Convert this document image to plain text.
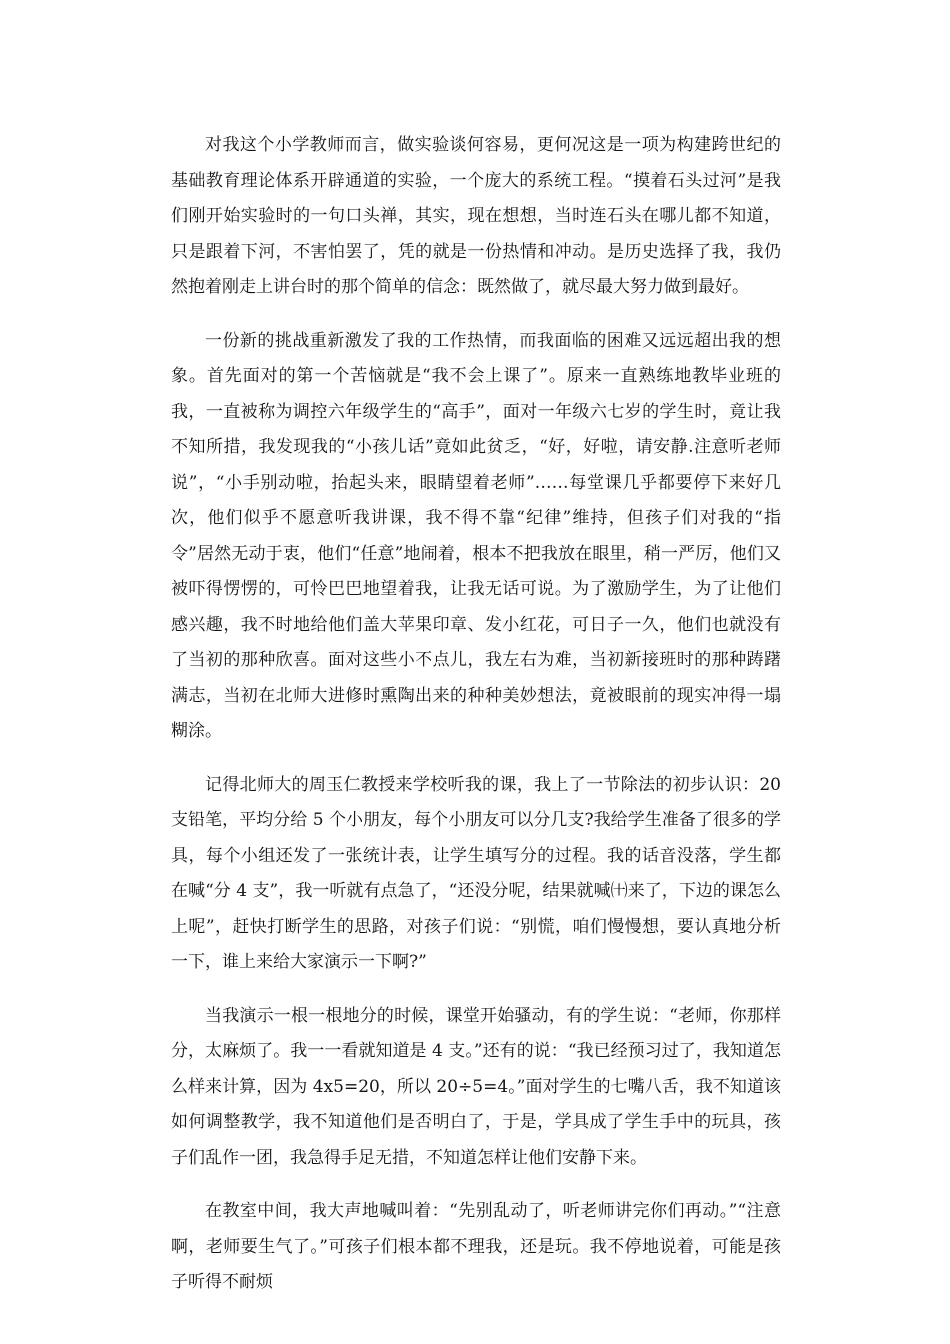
对我这个小学教师而言，做实验谈何容易，更何况这是一项为构建跨世纪的基础教育理论体系开辟通道的实验，一个庞大的系统工程。“摸着石头过河”是我们刚开始实验时的一句口头禅，其实，现在想想，当时连石头在哪儿都不知道，只是跟着下河，不害怕罢了，凭的就是一份热情和冲动。是历史选择了我，我仍然抱着刚走上讲台时的那个简单的信念：既然做了，就尽最大努力做到最好。

一份新的挑战重新激发了我的工作热情，而我面临的困难又远远超出我的想象。首先面对的第一个苦恼就是“我不会上课了”。原来一直熟练地教毕业班的我，一直被称为调控六年级学生的“高手”，面对一年级六七岁的学生时，竟让我不知所措，我发现我的“小孩儿话”竟如此贫乏，“好，好啦，请安静.注意听老师说”，“小手别动啦，抬起头来，眼睛望着老师”……每堂课几乎都要停下来好几次，他们似乎不愿意听我讲课，我不得不靠“纪律”维持，但孩子们对我的“指令”居然无动于衷，他们“任意”地闹着，根本不把我放在眼里，稍一严厉，他们又被吓得愣愣的，可怜巴巴地望着我，让我无话可说。为了激励学生，为了让他们感兴趣，我不时地给他们盖大苹果印章、发小红花，可日子一久，他们也就没有了当初的那种欣喜。面对这些小不点儿，我左右为难，当初新接班时的那种踌躇满志，当初在北师大进修时熏陶出来的种种美妙想法，竟被眼前的现实冲得一塌糊涂。

记得北师大的周玉仁教授来学校听我的课，我上了一节除法的初步认识：20 支铅笔，平均分给 5 个小朋友，每个小朋友可以分几支?我给学生准备了很多的学具，每个小组还发了一张统计表，让学生填写分的过程。我的话音没落，学生都在喊“分 4 支”，我一听就有点急了，“还没分呢，结果就喊㈩来了，下边的课怎么上呢”，赶快打断学生的思路，对孩子们说：“别慌，咱们慢慢想，要认真地分析一下，谁上来给大家演示一下啊?”

当我演示一根一根地分的时候，课堂开始骚动，有的学生说：“老师，你那样分，太麻烦了。我一一看就知道是 4 支。”还有的说：“我已经预习过了，我知道怎么样来计算，因为 4x5=20，所以 20÷5=4。”面对学生的七嘴八舌，我不知道该如何调整教学，我不知道他们是否明白了，于是，学具成了学生手中的玩具，孩子们乱作一团，我急得手足无措，不知道怎样让他们安静下来。

在教室中间，我大声地喊叫着：“先别乱动了，听老师讲完你们再动。”“注意啊，老师要生气了。”可孩子们根本都不理我，还是玩。我不停地说着，可能是孩子听得不耐烦
